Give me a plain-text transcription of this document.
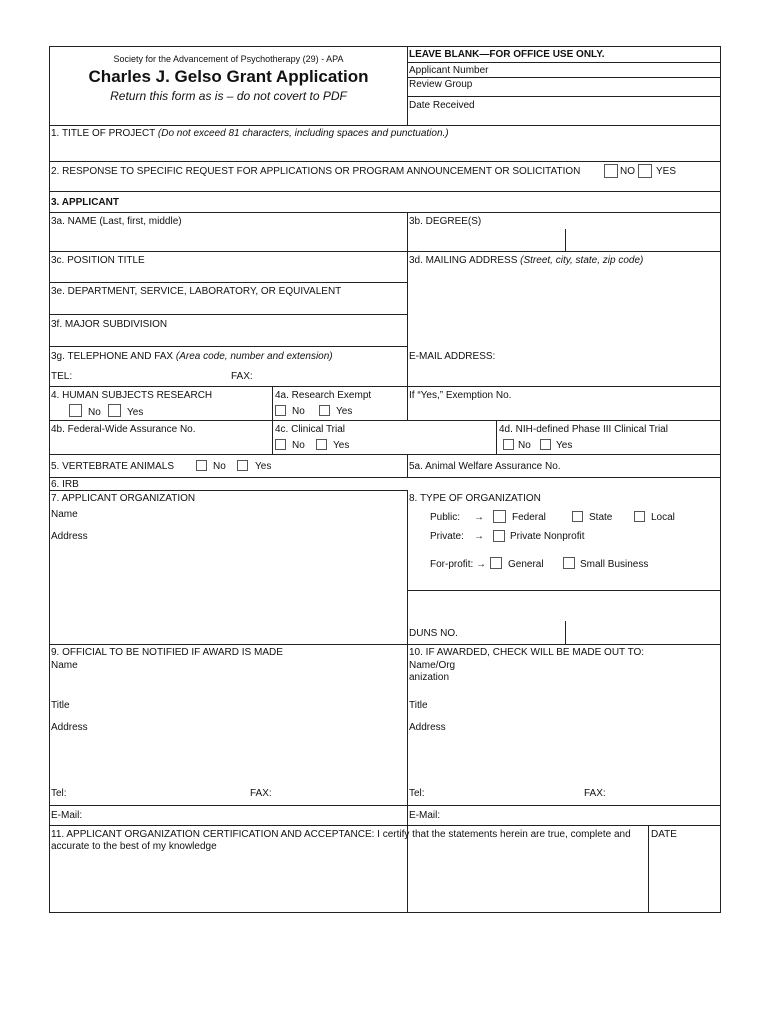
Society for the Advancement of Psychotherapy (29) - APA
Charles J. Gelso Grant Application
Return this form as is – do not covert to PDF
LEAVE BLANK—FOR OFFICE USE ONLY.
Applicant Number
Review Group
Date Received
1. TITLE OF PROJECT (Do not exceed 81 characters, including spaces and punctuation.)
2. RESPONSE TO SPECIFIC REQUEST FOR APPLICATIONS OR PROGRAM ANNOUNCEMENT OR SOLICITATION	NO YES
3. APPLICANT
3a. NAME (Last, first, middle)	3b. DEGREE(S)
3c. POSITION TITLE	3d. MAILING ADDRESS (Street, city, state, zip code)
3e. DEPARTMENT, SERVICE, LABORATORY, OR EQUIVALENT
3f. MAJOR SUBDIVISION
3g. TELEPHONE AND FAX (Area code, number and extension)
TEL:	FAX:
E-MAIL ADDRESS:
4. HUMAN SUBJECTS RESEARCH
No	Yes
4a. Research Exempt
No	Yes
If “Yes,” Exemption No.
4b. Federal-Wide Assurance No.	4c. Clinical Trial
No	Yes
4d. NIH-defined Phase III Clinical Trial
No	Yes
5. VERTEBRATE ANIMALS	No	Yes	5a. Animal Welfare Assurance No.
6. IRB
7. APPLICANT ORGANIZATION
Name
Address
8. TYPE OF ORGANIZATION
Public: →	Federal	State	Local
Private: →	Private Nonprofit
For-profit: → General	Small Business
DUNS NO.
9. OFFICIAL TO BE NOTIFIED IF AWARD IS MADE
Name
Title
Address
Tel:	FAX:
E-Mail:
10. IF AWARDED, CHECK WILL BE MADE OUT TO:
Name/Org
anization
Title
Address
Tel:	FAX:
E-Mail:
11. APPLICANT ORGANIZATION CERTIFICATION AND ACCEPTANCE: I certify that the statements herein are true, complete and
accurate to the best of my knowledge
DATE
